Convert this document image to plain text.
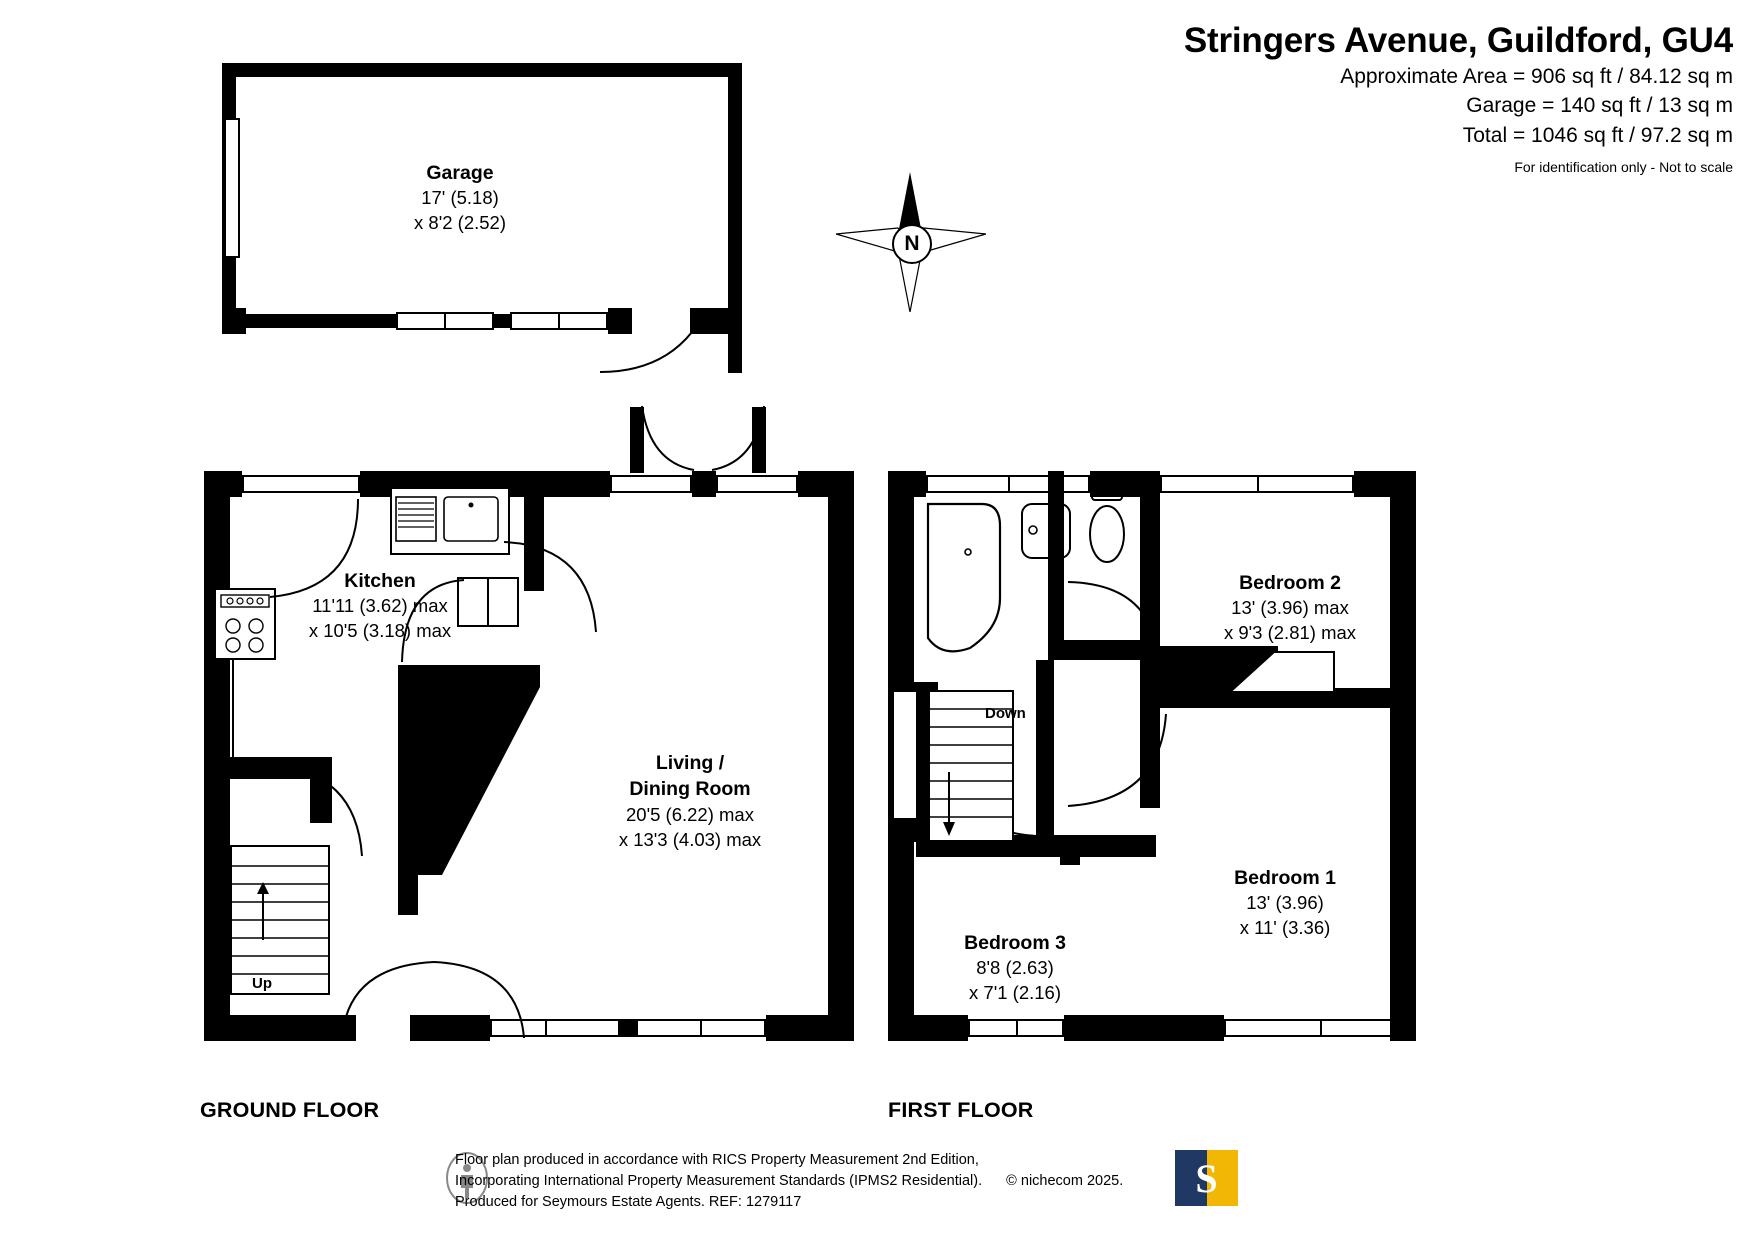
Stringers Avenue, Guildford, GU4
Approximate Area = 906 sq ft / 84.12 sq m
Garage = 140 sq ft / 13 sq m
Total = 1046 sq ft / 97.2 sq m
For identification only - Not to scale
N
Garage
17' (5.18)
x 8'2 (2.52)
Up
Kitchen
11'11 (3.62) max
x 10'5 (3.18) max
Living /
Dining Room
20'5 (6.22) max
x 13'3 (4.03) max
GROUND FLOOR
Down
Bedroom 2
13' (3.96) max
x 9'3 (2.81) max
Bedroom 1
13' (3.96)
x 11' (3.36)
Bedroom 3
8'8 (2.63)
x 7'1 (2.16)
FIRST FLOOR
Floor plan produced in accordance with RICS Property Measurement 2nd Edition,
Incorporating International Property Measurement Standards (IPMS2 Residential). © nichecom 2025.
Produced for Seymours Estate Agents. REF: 1279117
S
